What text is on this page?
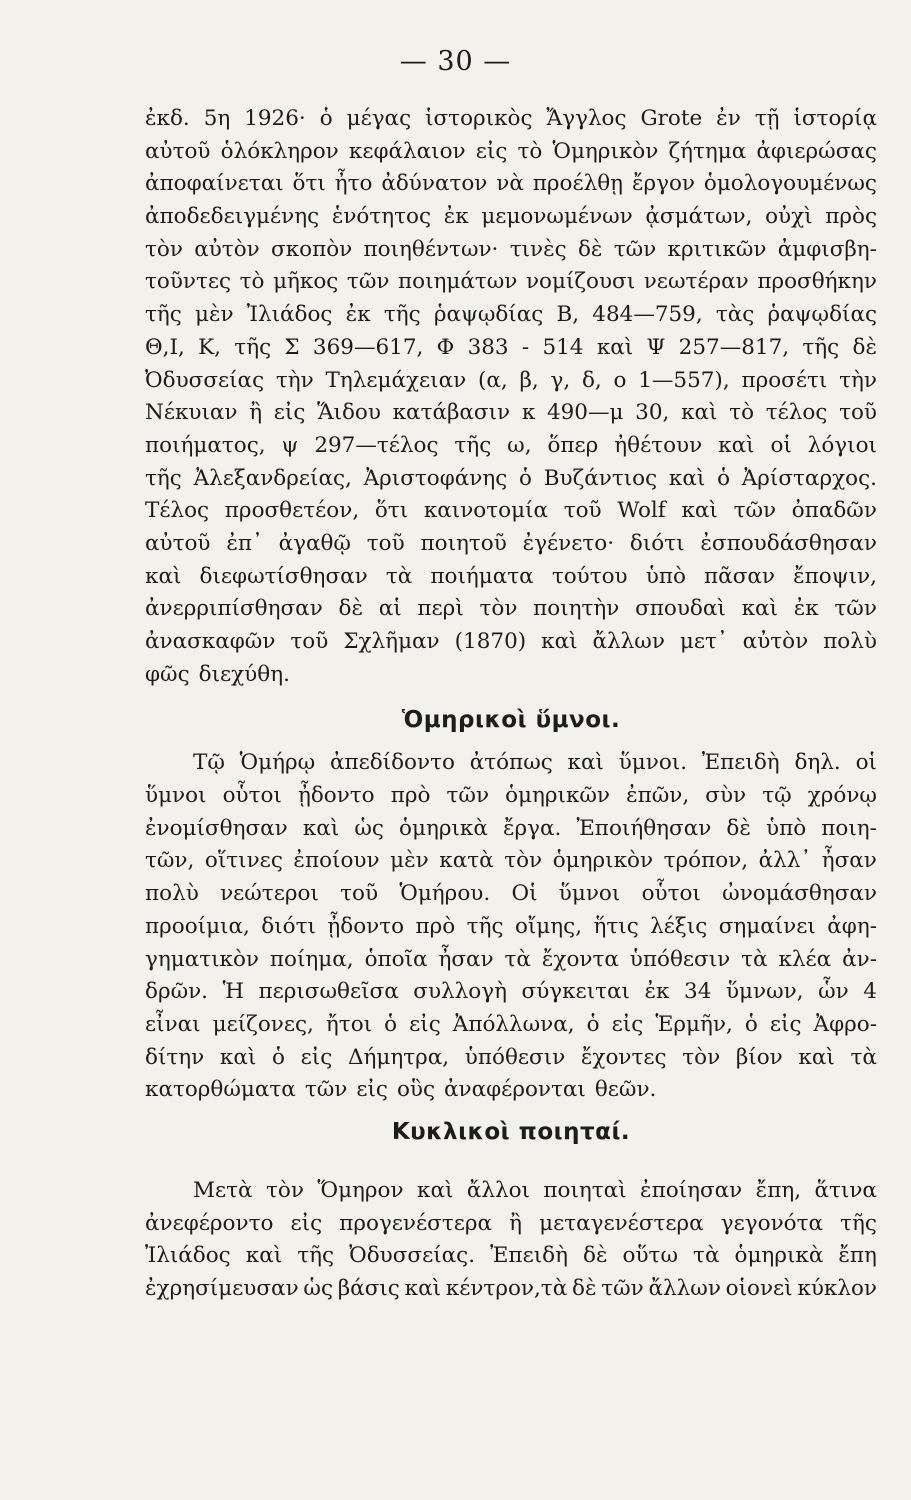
— 30 —
ἐκδ. 5η 1926· ὁ μέγας ἱστορικὸς Ἄγγλος Grote ἐν τῇ ἱστορίᾳ
αὐτοῦ ὁλόκληρον κεφάλαιον εἰς τὸ Ὁμηρικὸν ζήτημα ἀφιερώσας
ἀποφαίνεται ὅτι ἦτο ἀδύνατον νὰ προέλθῃ ἔργον ὁμολογουμένως
ἀποδεδειγμένης ἑνότητος ἐκ μεμονωμένων ᾀσμάτων, οὐχὶ πρὸς
τὸν αὐτὸν σκοπὸν ποιηθέντων· τινὲς δὲ τῶν κριτικῶν ἀμφισβη-
τοῦντες τὸ μῆκος τῶν ποιημάτων νομίζουσι νεωτέραν προσθήκην
τῆς μὲν Ἰλιάδος ἐκ τῆς ῥαψῳδίας Β, 484—759, τὰς ῥαψῳδίας
Θ,Ι, Κ, τῆς Σ 369—617, Φ 383 - 514 καὶ Ψ 257—817, τῆς δὲ
Ὀδυσσείας τὴν Τηλεμάχειαν (α, β, γ, δ, ο 1—557), προσέτι τὴν
Νέκυιαν ἢ εἰς Ἅιδου κατάβασιν κ 490—μ 30, καὶ τὸ τέλος τοῦ
ποιήματος, ψ 297—τέλος τῆς ω, ὅπερ ἠθέτουν καὶ οἱ λόγιοι
τῆς Ἀλεξανδρείας, Ἀριστοφάνης ὁ Βυζάντιος καὶ ὁ Ἀρίσταρχος.
Τέλος προσθετέον, ὅτι καινοτομία τοῦ Wolf καὶ τῶν ὀπαδῶν
αὐτοῦ ἐπ᾽ ἀγαθῷ τοῦ ποιητοῦ ἐγένετο· διότι ἐσπουδάσθησαν
καὶ διεφωτίσθησαν τὰ ποιήματα τούτου ὑπὸ πᾶσαν ἔποψιν,
ἀνερριπίσθησαν δὲ αἱ περὶ τὸν ποιητὴν σπουδαὶ καὶ ἐκ τῶν
ἀνασκαφῶν τοῦ Σχλῆμαν (1870) καὶ ἄλλων μετ᾽ αὐτὸν πολὺ
φῶς διεχύθη.
Ὁμηρικοὶ ὕμνοι.
Τῷ Ὁμήρῳ ἀπεδίδοντο ἀτόπως καὶ ὕμνοι. Ἐπειδὴ δηλ. οἱ
ὕμνοι οὗτοι ᾖδοντο πρὸ τῶν ὁμηρικῶν ἐπῶν, σὺν τῷ χρόνῳ
ἐνομίσθησαν καὶ ὡς ὁμηρικὰ ἔργα. Ἐποιήθησαν δὲ ὑπὸ ποιη-
τῶν, οἵτινες ἐποίουν μὲν κατὰ τὸν ὁμηρικὸν τρόπον, ἀλλ᾽ ἦσαν
πολὺ νεώτεροι τοῦ Ὁμήρου. Οἱ ὕμνοι οὗτοι ὠνομάσθησαν
προοίμια, διότι ᾖδοντο πρὸ τῆς οἴμης, ἥτις λέξις σημαίνει ἀφη-
γηματικὸν ποίημα, ὁποῖα ἦσαν τὰ ἔχοντα ὑπόθεσιν τὰ κλέα ἀν-
δρῶν. Ἡ περισωθεῖσα συλλογὴ σύγκειται ἐκ 34 ὕμνων, ὧν 4
εἶναι μείζονες, ἤτοι ὁ εἰς Ἀπόλλωνα, ὁ εἰς Ἑρμῆν, ὁ εἰς Ἀφρο-
δίτην καὶ ὁ εἰς Δήμητρα, ὑπόθεσιν ἔχοντες τὸν βίον καὶ τὰ
κατορθώματα τῶν εἰς οὓς ἀναφέρονται θεῶν.
Κυκλικοὶ ποιηταί.
Μετὰ τὸν Ὅμηρον καὶ ἄλλοι ποιηταὶ ἐποίησαν ἔπη, ἅτινα
ἀνεφέροντο εἰς προγενέστερα ἢ μεταγενέστερα γεγονότα τῆς
Ἰλιάδος καὶ τῆς Ὀδυσσείας. Ἐπειδὴ δὲ οὕτω τὰ ὁμηρικὰ ἔπη
ἐχρησίμευσαν ὡς βάσις καὶ κέντρον,τὰ δὲ τῶν ἄλλων οἱονεὶ κύκλον
